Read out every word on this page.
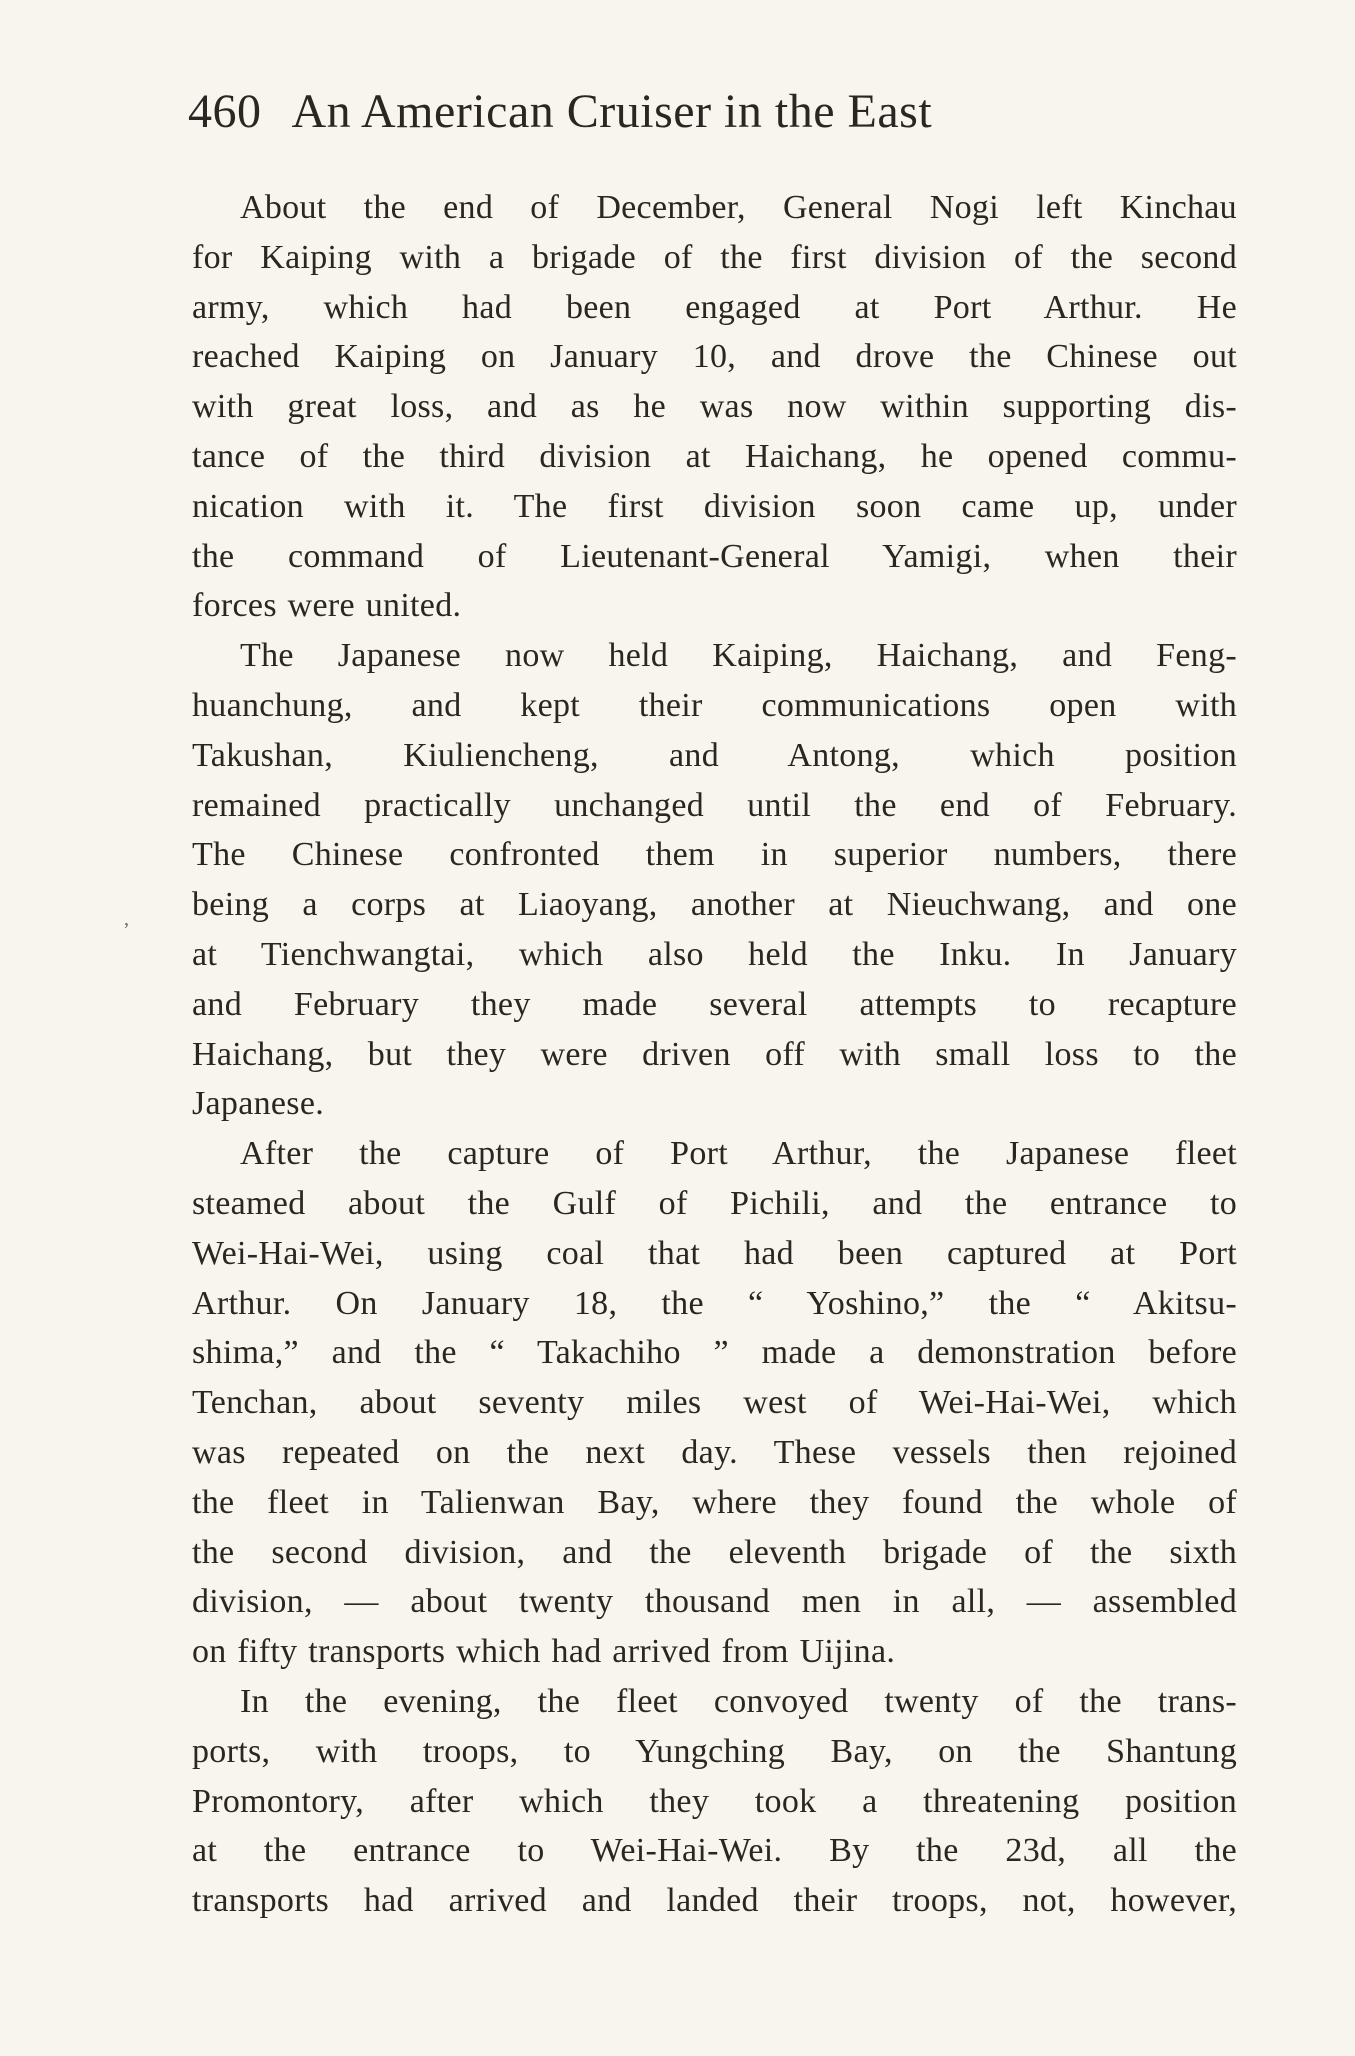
460 An American Cruiser in the East
,
About the end of December, General Nogi left Kinchau
for Kaiping with a brigade of the first division of the second
army, which had been engaged at Port Arthur. He
reached Kaiping on January 10, and drove the Chinese out
with great loss, and as he was now within supporting dis-
tance of the third division at Haichang, he opened commu-
nication with it. The first division soon came up, under
the command of Lieutenant-General Yamigi, when their
forces were united.
The Japanese now held Kaiping, Haichang, and Feng-
huanchung, and kept their communications open with
Takushan, Kiuliencheng, and Antong, which position
remained practically unchanged until the end of February.
The Chinese confronted them in superior numbers, there
being a corps at Liaoyang, another at Nieuchwang, and one
at Tienchwangtai, which also held the Inku. In January
and February they made several attempts to recapture
Haichang, but they were driven off with small loss to the
Japanese.
After the capture of Port Arthur, the Japanese fleet
steamed about the Gulf of Pichili, and the entrance to
Wei-Hai-Wei, using coal that had been captured at Port
Arthur. On January 18, the “ Yoshino,” the “ Akitsu-
shima,” and the “ Takachiho ” made a demonstration before
Tenchan, about seventy miles west of Wei-Hai-Wei, which
was repeated on the next day. These vessels then rejoined
the fleet in Talienwan Bay, where they found the whole of
the second division, and the eleventh brigade of the sixth
division, — about twenty thousand men in all, — assembled
on fifty transports which had arrived from Uijina.
In the evening, the fleet convoyed twenty of the trans-
ports, with troops, to Yungching Bay, on the Shantung
Promontory, after which they took a threatening position
at the entrance to Wei-Hai-Wei. By the 23d, all the
transports had arrived and landed their troops, not, however,
